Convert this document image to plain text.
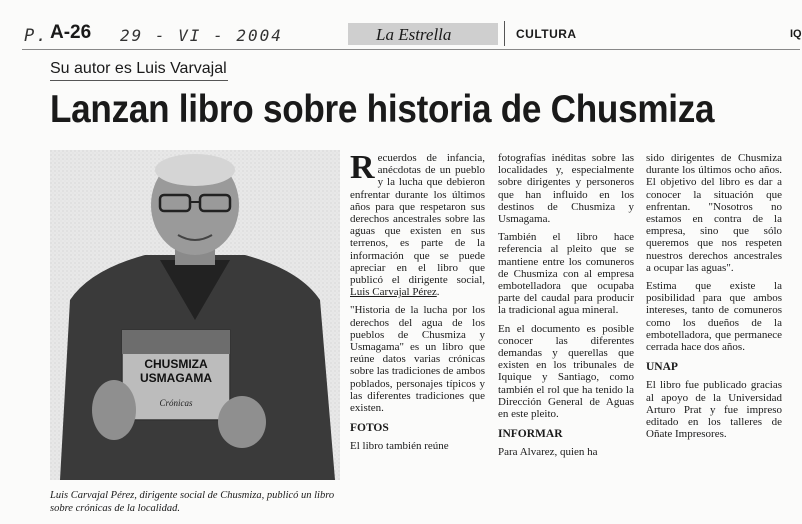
P. A-26 29 - VI - 2004	La Estrella	CULTURA	IQ
Su autor es Luis Varvajal
Lanzan libro sobre historia de Chusmiza
CHUSMIZA
USMAGAMA
Crónicas
Luis Carvajal Pérez, dirigente social de Chusmiza, publicó un libro sobre crónicas de la localidad.

Recuerdos de infancia, anécdotas de un pueblo y la lucha que debieron enfrentar durante los últimos años para que respetaron sus derechos ancestrales sobre las aguas que existen en sus terrenos, es parte de la información que se puede apreciar en el libro que publicó el dirigente social, Luis Carvajal Pérez.

"Historia de la lucha por los derechos del agua de los pueblos de Chusmiza y Usmagama" es un libro que reúne datos varias crónicas sobre las tradiciones de ambos poblados, personajes típicos y las diferentes tradiciones que existen.

FOTOS

El libro también reúne

fotografías inéditas sobre las localidades y, especialmente sobre dirigentes y personeros que han influido en los destinos de Chusmiza y Usmagama.

También el libro hace referencia al pleito que se mantiene entre los comuneros de Chusmiza con al empresa embotelladora que ocupaba parte del caudal para producir la tradicional agua mineral.

En el documento es posible conocer las diferentes demandas y querellas que existen en los tribunales de Iquique y Santiago, como también el rol que ha tenido la Dirección General de Aguas en este pleito.

INFORMAR

Para Alvarez, quien ha

sido dirigentes de Chusmiza durante los últimos ocho años. El objetivo del libro es dar a conocer la situación que enfrentan. "Nosotros no estamos en contra de la empresa, sino que sólo queremos que nos respeten nuestros derechos ancestrales a ocupar las aguas".

Estima que existe la posibilidad para que ambos intereses, tanto de comuneros como los dueños de la embotelladora, que permanece cerrada hace dos años.

UNAP

El libro fue publicado gracias al apoyo de la Universidad Arturo Prat y fue impreso editado en los talleres de Oñate Impresores.
